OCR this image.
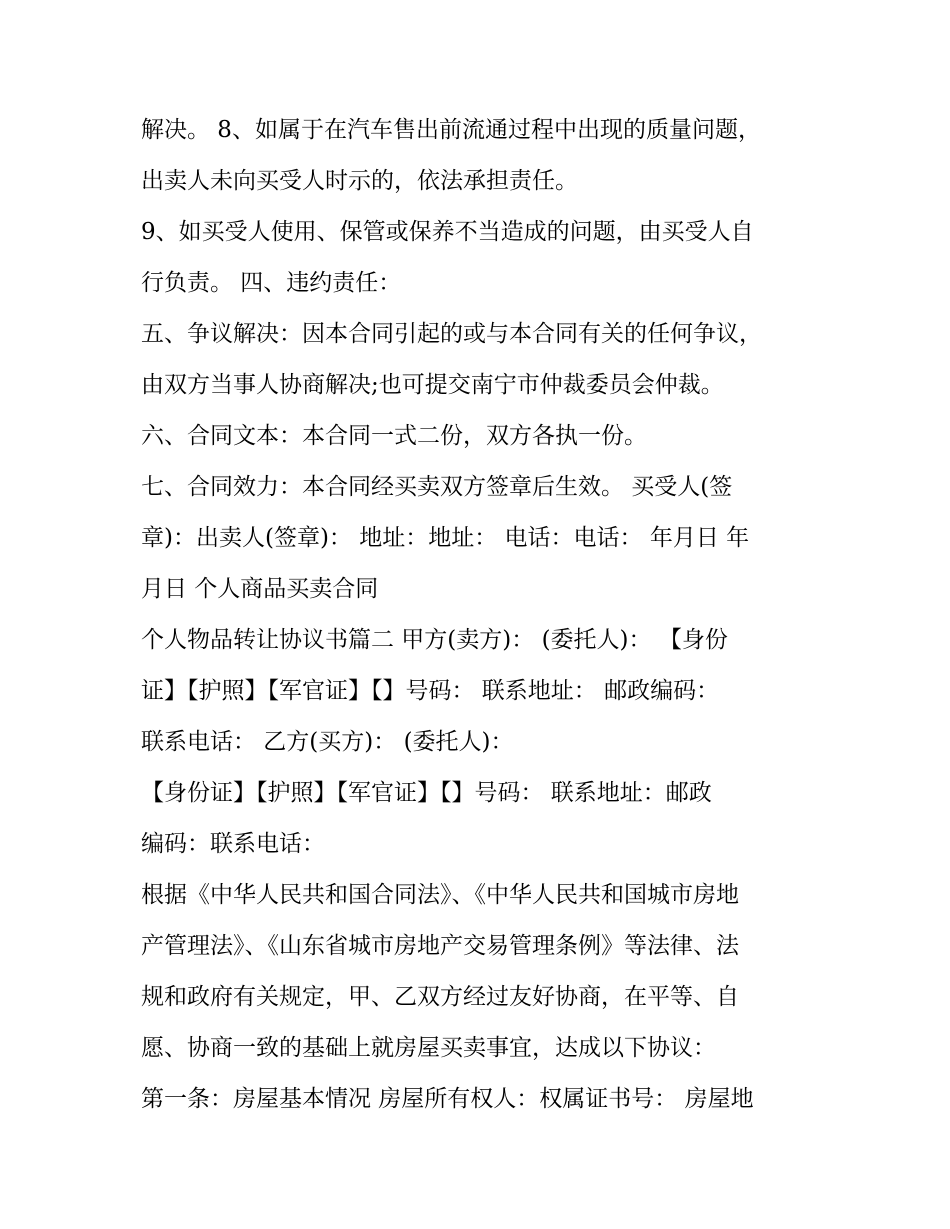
解决。 8、如属于在汽车售出前流通过程中出现的质量问题，
出卖人未向买受人时示的，依法承担责任。
9、如买受人使用、保管或保养不当造成的问题，由买受人自
行负责。 四、违约责任：
五、争议解决：因本合同引起的或与本合同有关的任何争议，
由双方当事人协商解决;也可提交南宁市仲裁委员会仲裁。
六、合同文本：本合同一式二份，双方各执一份。
七、合同效力：本合同经买卖双方签章后生效。 买受人(签
章)：出卖人(签章)： 地址：地址： 电话：电话： 年月日 年
月日 个人商品买卖合同
个人物品转让协议书篇二 甲方(卖方)： (委托人)： 【身份
证】【护照】【军官证】【】号码： 联系地址： 邮政编码：
联系电话： 乙方(买方)： (委托人)：
【身份证】【护照】【军官证】【】号码： 联系地址：邮政
编码：联系电话：
根据《中华人民共和国合同法》、《中华人民共和国城市房地
产管理法》、《山东省城市房地产交易管理条例》等法律、法
规和政府有关规定，甲、乙双方经过友好协商，在平等、自
愿、协商一致的基础上就房屋买卖事宜，达成以下协议：
第一条：房屋基本情况 房屋所有权人：权属证书号： 房屋地
